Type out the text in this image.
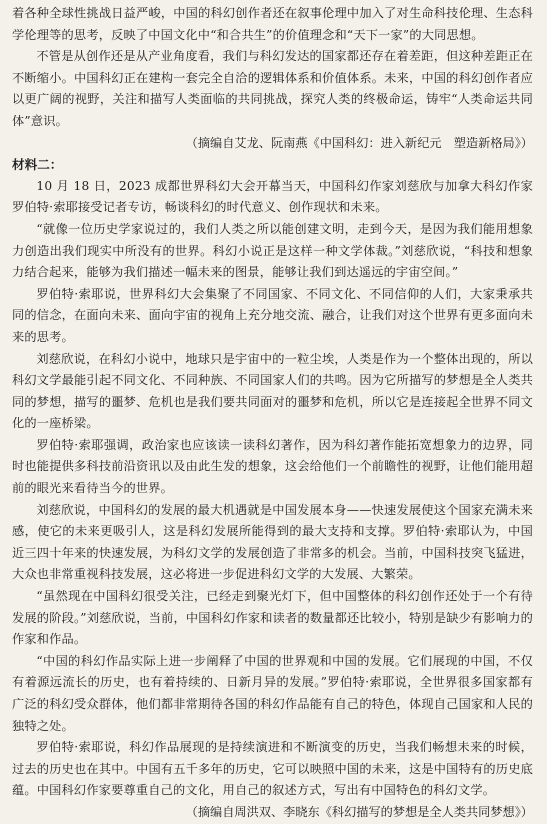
着各种全球性挑战日益严峻，中国的科幻创作者还在叙事伦理中加入了对生命科技伦理、生态科学伦理等的思考，反映了中国文化中“和合共生”的价值理念和“天下一家”的大同思想。

不管是从创作还是从产业角度看，我们与科幻发达的国家都还存在着差距，但这种差距正在不断缩小。中国科幻正在建构一套完全自洽的逻辑体系和价值体系。未来，中国的科幻创作者应以更广阔的视野，关注和描写人类面临的共同挑战，探究人类的终极命运，铸牢“人类命运共同体”意识。

（摘编自艾龙、阮南燕《中国科幻：进入新纪元　塑造新格局》）

材料二：

10 月 18 日，2023 成都世界科幻大会开幕当天，中国科幻作家刘慈欣与加拿大科幻作家罗伯特·索耶接受记者专访，畅谈科幻的时代意义、创作现状和未来。

“就像一位历史学家说过的，我们人类之所以能创建文明，走到今天，是因为我们能用想象力创造出我们现实中所没有的世界。科幻小说正是这样一种文学体裁。”刘慈欣说，“科技和想象力结合起来，能够为我们描述一幅未来的图景，能够让我们到达遥远的宇宙空间。”

罗伯特·索耶说，世界科幻大会集聚了不同国家、不同文化、不同信仰的人们，大家秉承共同的信念，在面向未来、面向宇宙的视角上充分地交流、融合，让我们对这个世界有更多面向未来的思考。

刘慈欣说，在科幻小说中，地球只是宇宙中的一粒尘埃，人类是作为一个整体出现的，所以科幻文学最能引起不同文化、不同种族、不同国家人们的共鸣。因为它所描写的梦想是全人类共同的梦想，描写的噩梦、危机也是我们要共同面对的噩梦和危机，所以它是连接起全世界不同文化的一座桥梁。

罗伯特·索耶强调，政治家也应该读一读科幻著作，因为科幻著作能拓宽想象力的边界，同时也能提供多科技前沿资讯以及由此生发的想象，这会给他们一个前瞻性的视野，让他们能用超前的眼光来看待当今的世界。

刘慈欣说，中国科幻的发展的最大机遇就是中国发展本身——快速发展使这个国家充满未来感，使它的未来更吸引人，这是科幻发展所能得到的最大支持和支撑。罗伯特·索耶认为，中国近三四十年来的快速发展，为科幻文学的发展创造了非常多的机会。当前，中国科技突飞猛进，大众也非常重视科技发展，这必将进一步促进科幻文学的大发展、大繁荣。

“虽然现在中国科幻很受关注，已经走到聚光灯下，但中国整体的科幻创作还处于一个有待发展的阶段。”刘慈欣说，当前，中国科幻作家和读者的数量都还比较小，特别是缺少有影响力的作家和作品。

“中国的科幻作品实际上进一步阐释了中国的世界观和中国的发展。它们展现的中国，不仅有着源远流长的历史，也有着持续的、日新月异的发展。”罗伯特·索耶说，全世界很多国家都有广泛的科幻受众群体，他们都非常期待各国的科幻作品能有自己的特色，体现自己国家和人民的独特之处。

罗伯特·索耶说，科幻作品展现的是持续演进和不断演变的历史，当我们畅想未来的时候，过去的历史也在其中。中国有五千多年的历史，它可以映照中国的未来，这是中国特有的历史底蕴。中国科幻作家要尊重自己的文化，用自己的叙述方式，写出有中国特色的科幻文学。

（摘编自周洪双、李晓东《科幻描写的梦想是全人类共同梦想》）
